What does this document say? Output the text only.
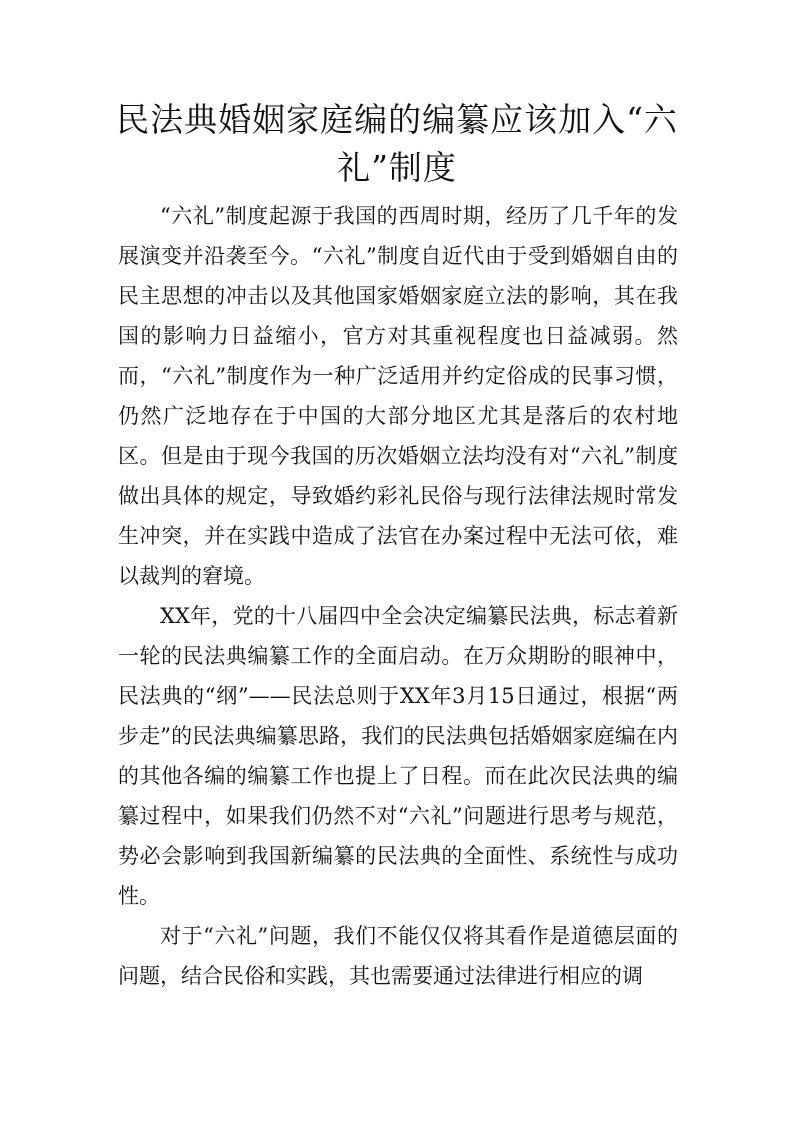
民法典婚姻家庭编的编纂应该加入“六礼”制度

“六礼”制度起源于我国的西周时期，经历了几千年的发展演变并沿袭至今。“六礼”制度自近代由于受到婚姻自由的民主思想的冲击以及其他国家婚姻家庭立法的影响，其在我国的影响力日益缩小，官方对其重视程度也日益减弱。然而，“六礼”制度作为一种广泛适用并约定俗成的民事习惯，仍然广泛地存在于中国的大部分地区尤其是落后的农村地区。但是由于现今我国的历次婚姻立法均没有对“六礼”制度做出具体的规定，导致婚约彩礼民俗与现行法律法规时常发生冲突，并在实践中造成了法官在办案过程中无法可依，难以裁判的窘境。

XX年，党的十八届四中全会决定编纂民法典，标志着新一轮的民法典编纂工作的全面启动。在万众期盼的眼神中，民法典的“纲”——民法总则于XX年3月15日通过，根据“两步走”的民法典编纂思路，我们的民法典包括婚姻家庭编在内的其他各编的编纂工作也提上了日程。而在此次民法典的编纂过程中，如果我们仍然不对“六礼”问题进行思考与规范，势必会影响到我国新编纂的民法典的全面性、系统性与成功性。

对于“六礼”问题，我们不能仅仅将其看作是道德层面的问题，结合民俗和实践，其也需要通过法律进行相应的调
